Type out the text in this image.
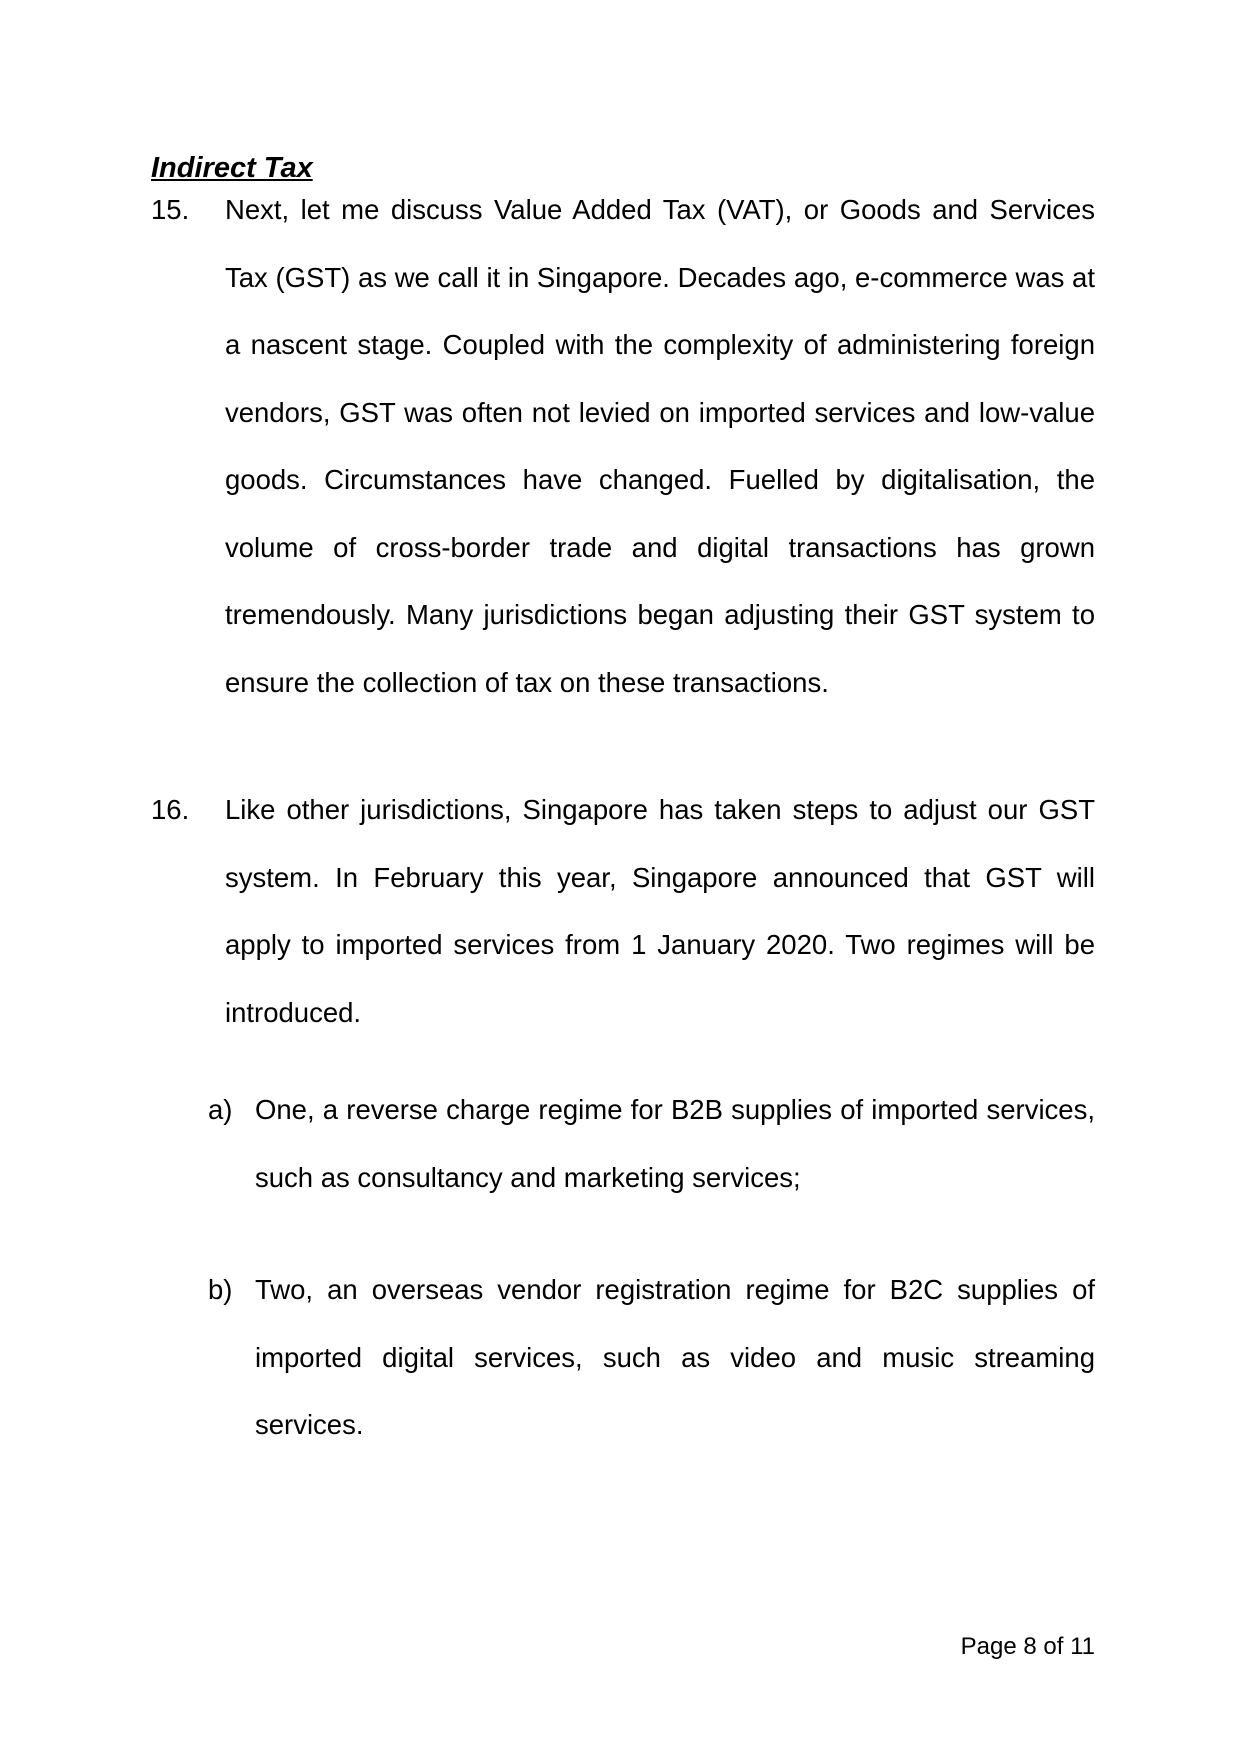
Indirect Tax
15.	Next, let me discuss Value Added Tax (VAT), or Goods and Services Tax (GST) as we call it in Singapore. Decades ago, e-commerce was at a nascent stage. Coupled with the complexity of administering foreign vendors, GST was often not levied on imported services and low-value goods. Circumstances have changed. Fuelled by digitalisation, the volume of cross-border trade and digital transactions has grown tremendously. Many jurisdictions began adjusting their GST system to ensure the collection of tax on these transactions.
16.	Like other jurisdictions, Singapore has taken steps to adjust our GST system. In February this year, Singapore announced that GST will apply to imported services from 1 January 2020. Two regimes will be introduced.
a) One, a reverse charge regime for B2B supplies of imported services, such as consultancy and marketing services;
b) Two, an overseas vendor registration regime for B2C supplies of imported digital services, such as video and music streaming services.
Page 8 of 11
